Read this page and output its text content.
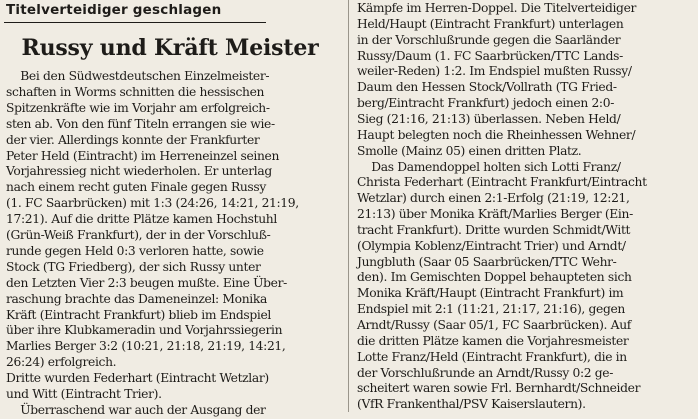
Titelverteidiger geschlagen
Russy und Kräft Meister
Bei den Südwestdeutschen Einzelmeister-
schaften in Worms schnitten die hessischen
Spitzenkräfte wie im Vorjahr am erfolgreich-
sten ab. Von den fünf Titeln errangen sie wie-
der vier. Allerdings konnte der Frankfurter
Peter Held (Eintracht) im Herreneinzel seinen
Vorjahressieg nicht wiederholen. Er unterlag
nach einem recht guten Finale gegen Russy
(1. FC Saarbrücken) mit 1:3 (24:26, 14:21, 21:19,
17:21). Auf die dritte Plätze kamen Hochstuhl
(Grün-Weiß Frankfurt), der in der Vorschluß-
runde gegen Held 0:3 verloren hatte, sowie
Stock (TG Friedberg), der sich Russy unter
den Letzten Vier 2:3 beugen mußte. Eine Über-
raschung brachte das Dameneinzel: Monika
Kräft (Eintracht Frankfurt) blieb im Endspiel
über ihre Klubkameradin und Vorjahrssiegerin
Marlies Berger 3:2 (10:21, 21:18, 21:19, 14:21,
26:24) erfolgreich.
Dritte wurden Federhart (Eintracht Wetzlar)
und Witt (Eintracht Trier).
Überraschend war auch der Ausgang der
Kämpfe im Herren-Doppel. Die Titelverteidiger
Held/Haupt (Eintracht Frankfurt) unterlagen
in der Vorschlußrunde gegen die Saarländer
Russy/Daum (1. FC Saarbrücken/TTC Lands-
weiler-Reden) 1:2. Im Endspiel mußten Russy/
Daum den Hessen Stock/Vollrath (TG Fried-
berg/Eintracht Frankfurt) jedoch einen 2:0-
Sieg (21:16, 21:13) überlassen. Neben Held/
Haupt belegten noch die Rheinhessen Wehner/
Smolle (Mainz 05) einen dritten Platz.
Das Damendoppel holten sich Lotti Franz/
Christa Federhart (Eintracht Frankfurt/Eintracht
Wetzlar) durch einen 2:1-Erfolg (21:19, 12:21,
21:13) über Monika Kräft/Marlies Berger (Ein-
tracht Frankfurt). Dritte wurden Schmidt/Witt
(Olympia Koblenz/Eintracht Trier) und Arndt/
Jungbluth (Saar 05 Saarbrücken/TTC Wehr-
den). Im Gemischten Doppel behaupteten sich
Monika Kräft/Haupt (Eintracht Frankfurt) im
Endspiel mit 2:1 (11:21, 21:17, 21:16), gegen
Arndt/Russy (Saar 05/1, FC Saarbrücken). Auf
die dritten Plätze kamen die Vorjahresmeister
Lotte Franz/Held (Eintracht Frankfurt), die in
der Vorschlußrunde an Arndt/Russy 0:2 ge-
scheitert waren sowie Frl. Bernhardt/Schneider
(VfR Frankenthal/PSV Kaiserslautern).
